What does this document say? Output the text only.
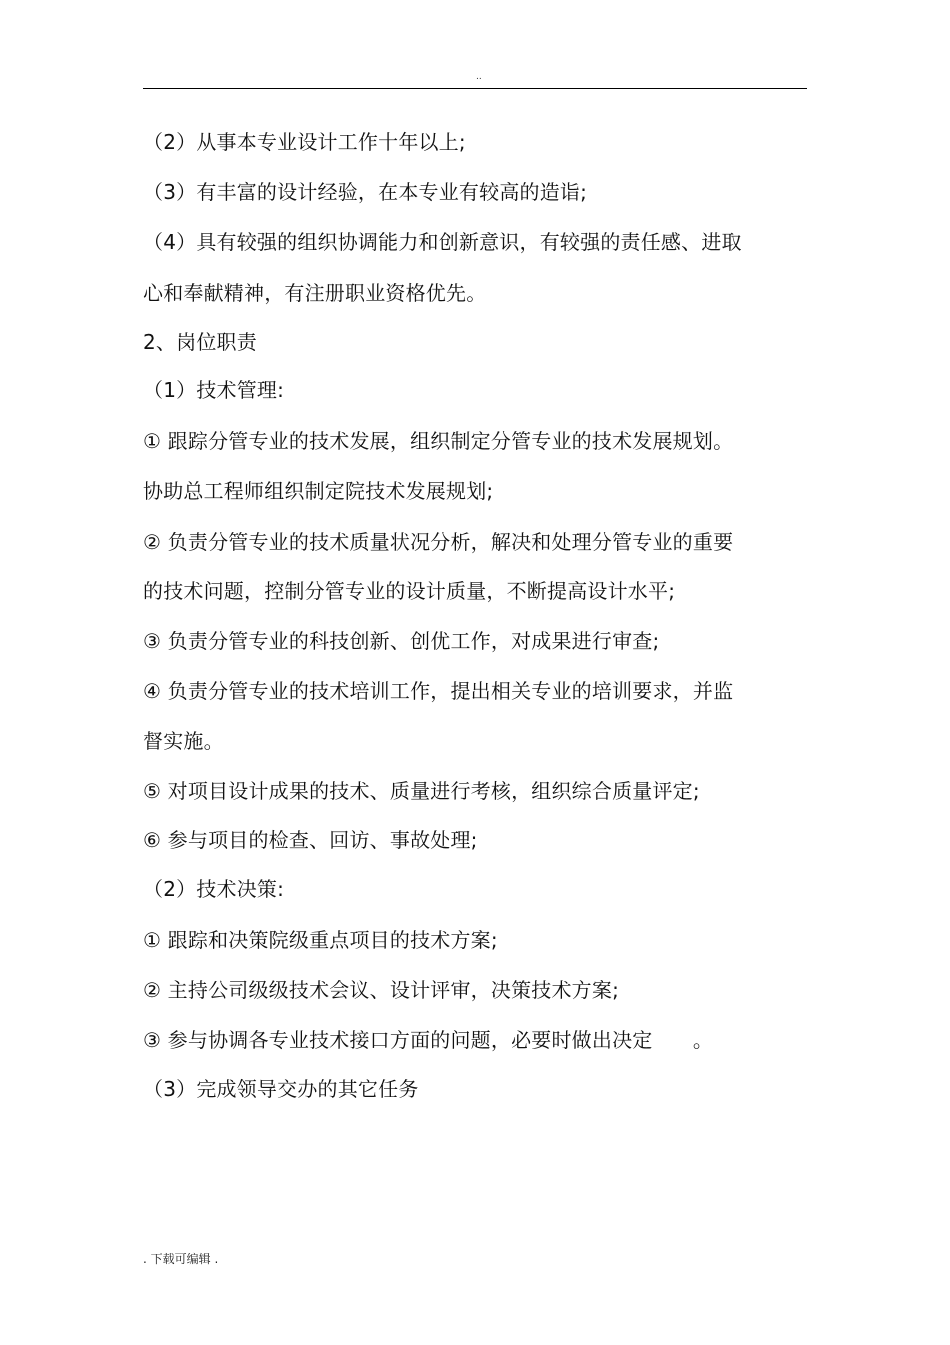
..
（2）从事本专业设计工作十年以上;
（3）有丰富的设计经验，在本专业有较高的造诣;
（4）具有较强的组织协调能力和创新意识，有较强的责任感、进取
心和奉献精神，有注册职业资格优先。
2、岗位职责
（1）技术管理:
① 跟踪分管专业的技术发展，组织制定分管专业的技术发展规划。
协助总工程师组织制定院技术发展规划;
② 负责分管专业的技术质量状况分析，解决和处理分管专业的重要
的技术问题，控制分管专业的设计质量，不断提高设计水平;
③ 负责分管专业的科技创新、创优工作，对成果进行审查;
④ 负责分管专业的技术培训工作，提出相关专业的培训要求，并监
督实施。
⑤ 对项目设计成果的技术、质量进行考核，组织综合质量评定;
⑥ 参与项目的检查、回访、事故处理;
（2）技术决策:
① 跟踪和决策院级重点项目的技术方案;
② 主持公司级级技术会议、设计评审，决策技术方案;
③ 参与协调各专业技术接口方面的问题，必要时做出决定　　。
（3）完成领导交办的其它任务
. 下载可编辑 .
